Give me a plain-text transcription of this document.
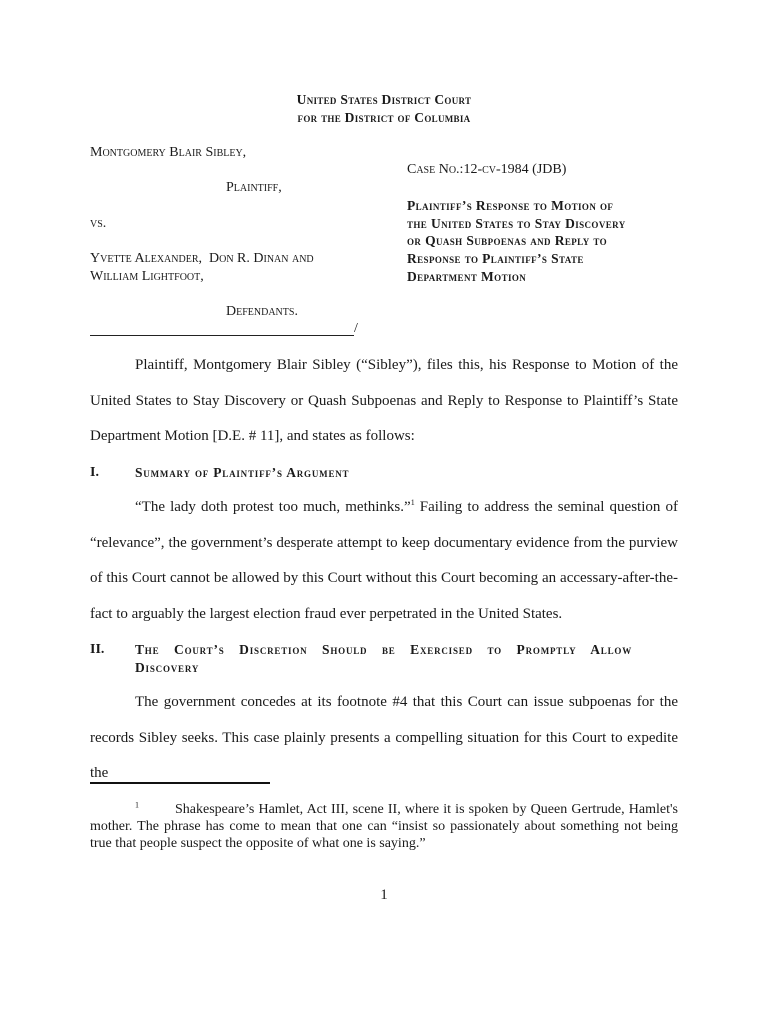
United States District Court
for the District of Columbia
Montgomery Blair Sibley,
Plaintiff,
vs.
Yvette Alexander,  Don R. Dinan and
William Lightfoot,
Defendants.
/
Case No.:12-cv-1984 (JDB)
Plaintiff’s Response to Motion of
the United States to Stay Discovery
or Quash Subpoenas and Reply to
Response to Plaintiff’s State
Department Motion
Plaintiff, Montgomery Blair Sibley (“Sibley”), files this, his Response to Motion of the United States to Stay Discovery or Quash Subpoenas and Reply to Response to Plaintiff’s State Department Motion [D.E. # 11], and states as follows:
I.	Summary of Plaintiff’s Argument
“The lady doth protest too much, methinks.”$^1$ Failing to address the seminal question of “relevance”, the government’s desperate attempt to keep documentary evidence from the purview of this Court cannot be allowed by this Court without this Court becoming an accessary-after-the-fact to arguably the largest election fraud ever perpetrated in the United States.
II. The Court’s Discretion Should be Exercised to Promptly Allow
Discovery
The government concedes at its footnote #4 that this Court can issue subpoenas for the records Sibley seeks. This case plainly presents a compelling situation for this Court to expedite the
$^1$	Shakespeare’s Hamlet, Act III, scene II, where it is spoken by Queen Gertrude, Hamlet's mother. The phrase has come to mean that one can “insist so passionately about something not being true that people suspect the opposite of what one is saying.”
1
